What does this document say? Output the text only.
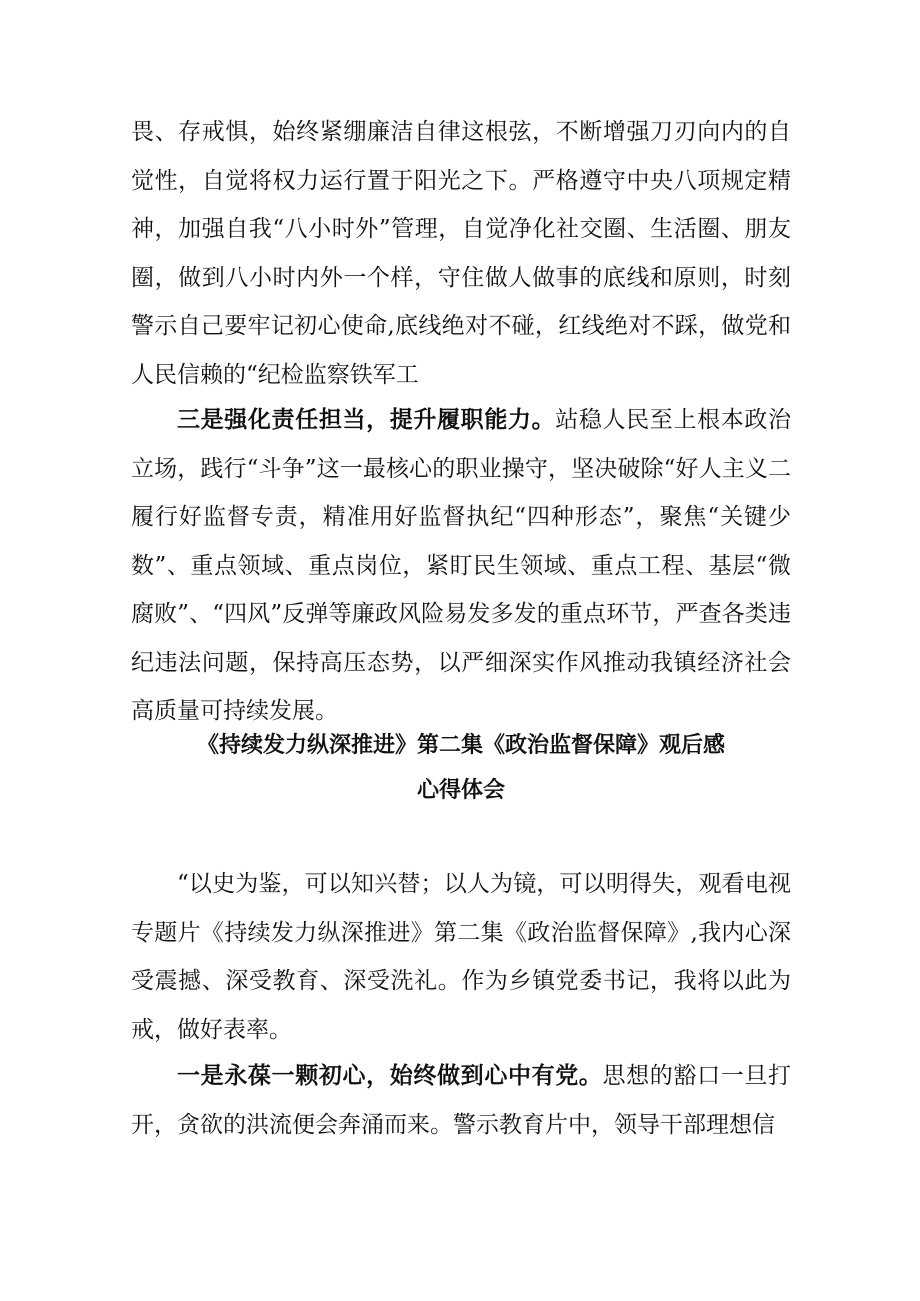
畏、存戒惧，始终紧绷廉洁自律这根弦，不断增强刀刃向内的自觉性，自觉将权力运行置于阳光之下。严格遵守中央八项规定精神，加强自我“八小时外”管理，自觉净化社交圈、生活圈、朋友圈，做到八小时内外一个样，守住做人做事的底线和原则，时刻警示自己要牢记初心使命,底线绝对不碰，红线绝对不踩，做党和人民信赖的“纪检监察铁军工

三是强化责任担当，提升履职能力。站稳人民至上根本政治立场，践行“斗争”这一最核心的职业操守，坚决破除“好人主义二履行好监督专责，精准用好监督执纪“四种形态”，聚焦“关键少数”、重点领域、重点岗位，紧盯民生领域、重点工程、基层“微腐败”、“四风”反弹等廉政风险易发多发的重点环节，严查各类违纪违法问题，保持高压态势，以严细深实作风推动我镇经济社会高质量可持续发展。

《持续发力纵深推进》第二集《政治监督保障》观后感
心得体会

“以史为鉴，可以知兴替；以人为镜，可以明得失，观看电视专题片《持续发力纵深推进》第二集《政治监督保障》,我内心深受震撼、深受教育、深受洗礼。作为乡镇党委书记，我将以此为戒，做好表率。

一是永葆一颗初心，始终做到心中有党。思想的豁口一旦打开，贪欲的洪流便会奔涌而来。警示教育片中，领导干部理想信
